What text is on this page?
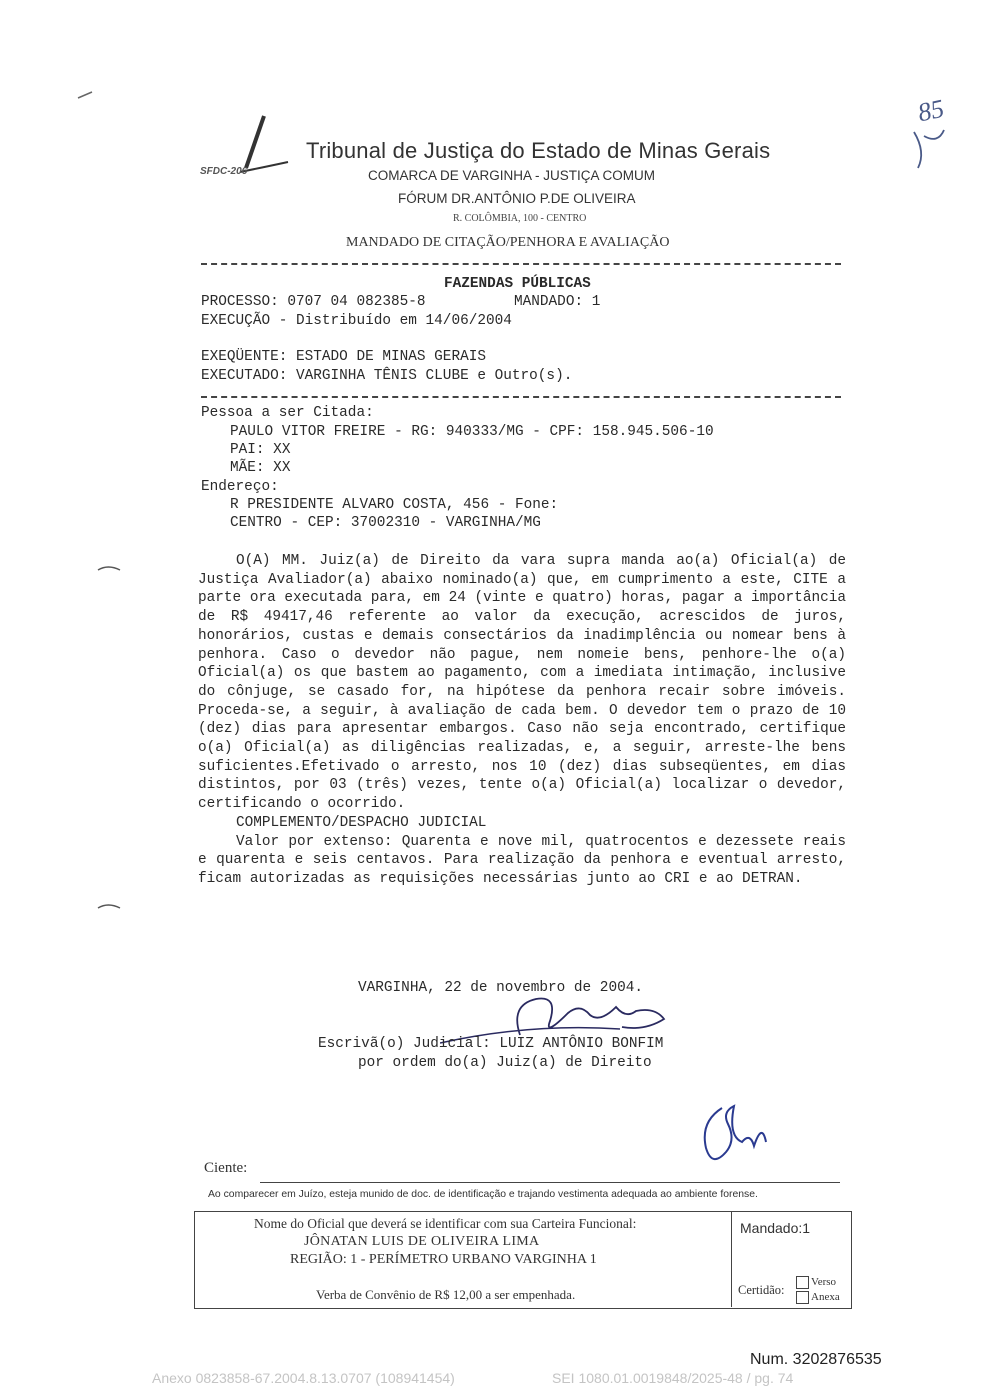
SFDC-206
Tribunal de Justiça do Estado de Minas Gerais
COMARCA DE VARGINHA - JUSTIÇA COMUM
FÓRUM DR.ANTÔNIO P.DE OLIVEIRA
R. COLÔMBIA, 100 - CENTRO
MANDADO DE CITAÇÃO/PENHORA E AVALIAÇÃO
85
FAZENDAS PÚBLICAS
PROCESSO: 0707 04 082385-8	MANDADO: 1
EXECUÇÃO - Distribuído em 14/06/2004
EXEQÜENTE: ESTADO DE MINAS GERAIS
EXECUTADO: VARGINHA TÊNIS CLUBE e Outro(s).
Pessoa a ser Citada:
PAULO VITOR FREIRE - RG: 940333/MG - CPF: 158.945.506-10
PAI: XX
MÃE: XX
Endereço:
R PRESIDENTE ALVARO COSTA, 456 - Fone:
CENTRO - CEP: 37002310 - VARGINHA/MG

O(A) MM. Juiz(a) de Direito da vara supra manda ao(a) Oficial(a) de Justiça Avaliador(a) abaixo nominado(a) que, em cumprimento a este, CITE a parte ora executada para, em 24 (vinte e quatro) horas, pagar a importância de R$ 49417,46 referente ao valor da execução, acrescidos de juros, honorários, custas e demais consectários da inadimplência ou nomear bens à penhora. Caso o devedor não pague, nem nomeie bens, penhore-lhe o(a) Oficial(a) os que bastem ao pagamento, com a imediata intimação, inclusive do cônjuge, se casado for, na hipótese da penhora recair sobre imóveis. Proceda-se, a seguir, à avaliação de cada bem. O devedor tem o prazo de 10 (dez) dias para apresentar embargos. Caso não seja encontrado, certifique o(a) Oficial(a) as diligências realizadas, e, a seguir, arreste-lhe bens suficientes.Efetivado o arresto, nos 10 (dez) dias subseqüentes, em dias distintos, por 03 (três) vezes, tente o(a) Oficial(a) localizar o devedor, certificando o ocorrido.

COMPLEMENTO/DESPACHO JUDICIAL

Valor por extenso: Quarenta e nove mil, quatrocentos e dezessete reais e quarenta e seis centavos. Para realização da penhora e eventual arresto, ficam autorizadas as requisições necessárias junto ao CRI e ao DETRAN.

VARGINHA, 22 de novembro de 2004.
Escrivã(o) Judicial: LUIZ ANTÔNIO BONFIM
por ordem do(a) Juiz(a) de Direito
Ciente:
Ao comparecer em Juízo, esteja munido de doc. de identificação e trajando vestimenta adequada ao ambiente forense.
Nome do Oficial que deverá se identificar com sua Carteira Funcional:
JÔNATAN LUIS DE OLIVEIRA LIMA
REGIÃO: 1 - PERÍMETRO URBANO VARGINHA 1
Verba de Convênio de R$ 12,00 a ser empenhada.
Mandado:1
Certidão:
Verso
Anexa
Num. 3202876535
Anexo 0823858-67.2004.8.13.0707 (108941454)	SEI 1080.01.0019848/2025-48 / pg. 74
